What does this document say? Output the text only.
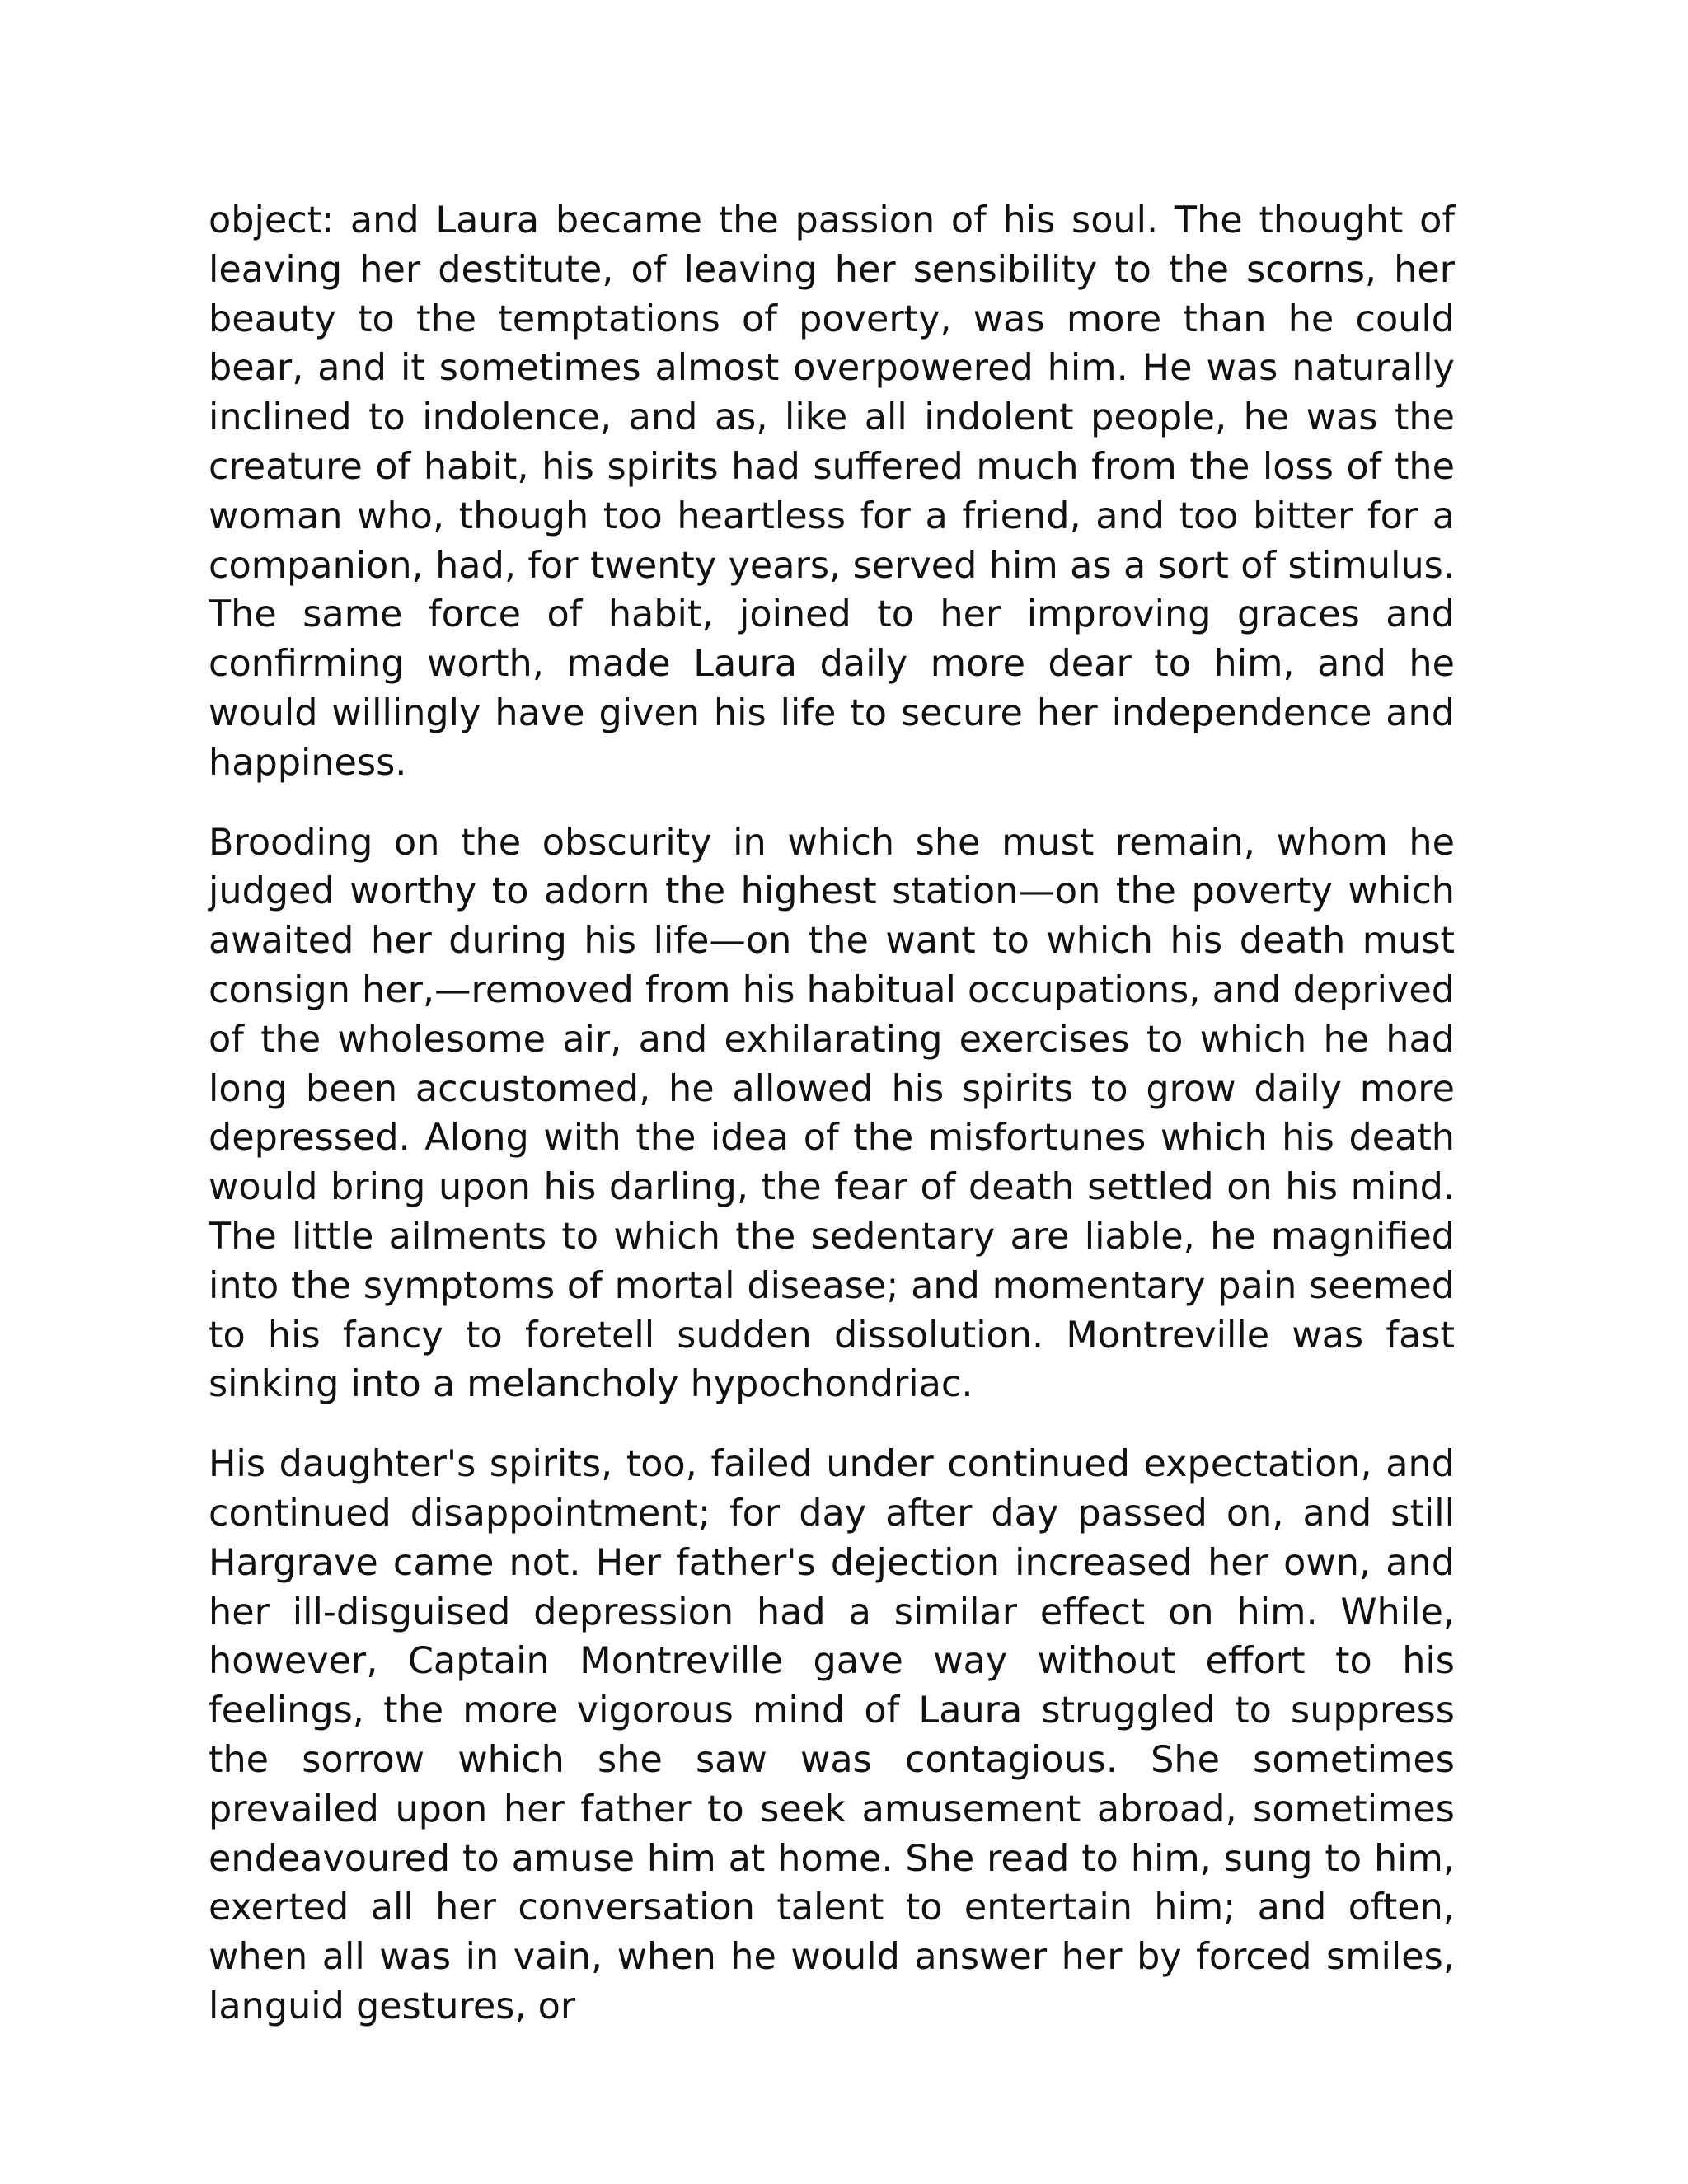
object: and Laura became the passion of his soul. The thought of leaving her destitute, of leaving her sensibility to the scorns, her beauty to the temptations of poverty, was more than he could bear, and it sometimes almost overpowered him. He was naturally inclined to indolence, and as, like all indolent people, he was the creature of habit, his spirits had suffered much from the loss of the woman who, though too heartless for a friend, and too bitter for a companion, had, for twenty years, served him as a sort of stimulus. The same force of habit, joined to her improving graces and confirming worth, made Laura daily more dear to him, and he would willingly have given his life to secure her independence and happiness.

Brooding on the obscurity in which she must remain, whom he judged worthy to adorn the highest station—on the poverty which awaited her during his life—on the want to which his death must consign her,—removed from his habitual occupations, and deprived of the wholesome air, and exhilarating exercises to which he had long been accustomed, he allowed his spirits to grow daily more depressed. Along with the idea of the misfortunes which his death would bring upon his darling, the fear of death settled on his mind. The little ailments to which the sedentary are liable, he magnified into the symptoms of mortal disease; and momentary pain seemed to his fancy to foretell sudden dissolution. Montreville was fast sinking into a melancholy hypochondriac.

His daughter's spirits, too, failed under continued expectation, and continued disappointment; for day after day passed on, and still Hargrave came not. Her father's dejection increased her own, and her ill-disguised depression had a similar effect on him. While, however, Captain Montreville gave way without effort to his feelings, the more vigorous mind of Laura struggled to suppress the sorrow which she saw was contagious. She sometimes prevailed upon her father to seek amusement abroad, sometimes endeavoured to amuse him at home. She read to him, sung to him, exerted all her conversation talent to entertain him; and often, when all was in vain, when he would answer her by forced smiles, languid gestures, or
